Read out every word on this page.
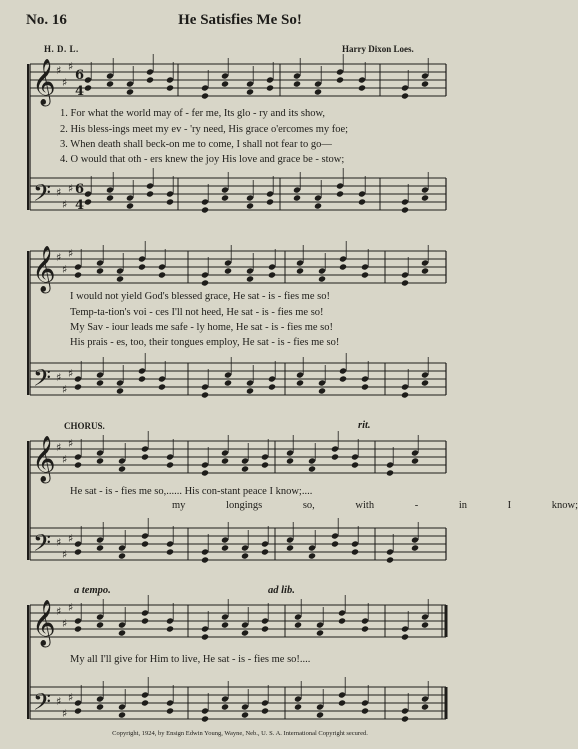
No. 16	He Satisfies Me So!
H. D. L.	Harry Dixon Loes.
𝄞
𝄢
♯
♯
♯
♯
♯
♯
6
4
6
4
𝄞
𝄢
♯
♯
♯
♯
♯
♯
𝄞
𝄢
♯
♯
♯
♯
♯
♯
𝄞
𝄢
♯
♯
♯
♯
♯
♯
1. For what the world may of - fer me, Its glo - ry and its show,
2. His bless-ings meet my ev - 'ry need, His grace o'ercomes my foe;
3. When death shall beck-on me to come, I shall not fear to go—
4. O would that oth - ers knew the joy His love and grace be - stow;
I would not yield God's blessed grace, He sat - is - fies me so!
Temp-ta-tion's voi - ces I'll not heed, He sat - is - fies me so!
My Sav - iour leads me safe - ly home, He sat - is - fies me so!
His prais - es, too, their tongues employ, He sat - is - fies me so!
CHORUS.	rit.
He sat - is - fies me so,...... His con-stant peace I know;....
my longings so, with - in I know;
a tempo.	ad lib.
My all I'll give for Him to live, He sat - is - fies me so!....
Copyright, 1924, by Ensign Edwin Young, Wayne, Neb., U. S. A. International Copyright secured.
